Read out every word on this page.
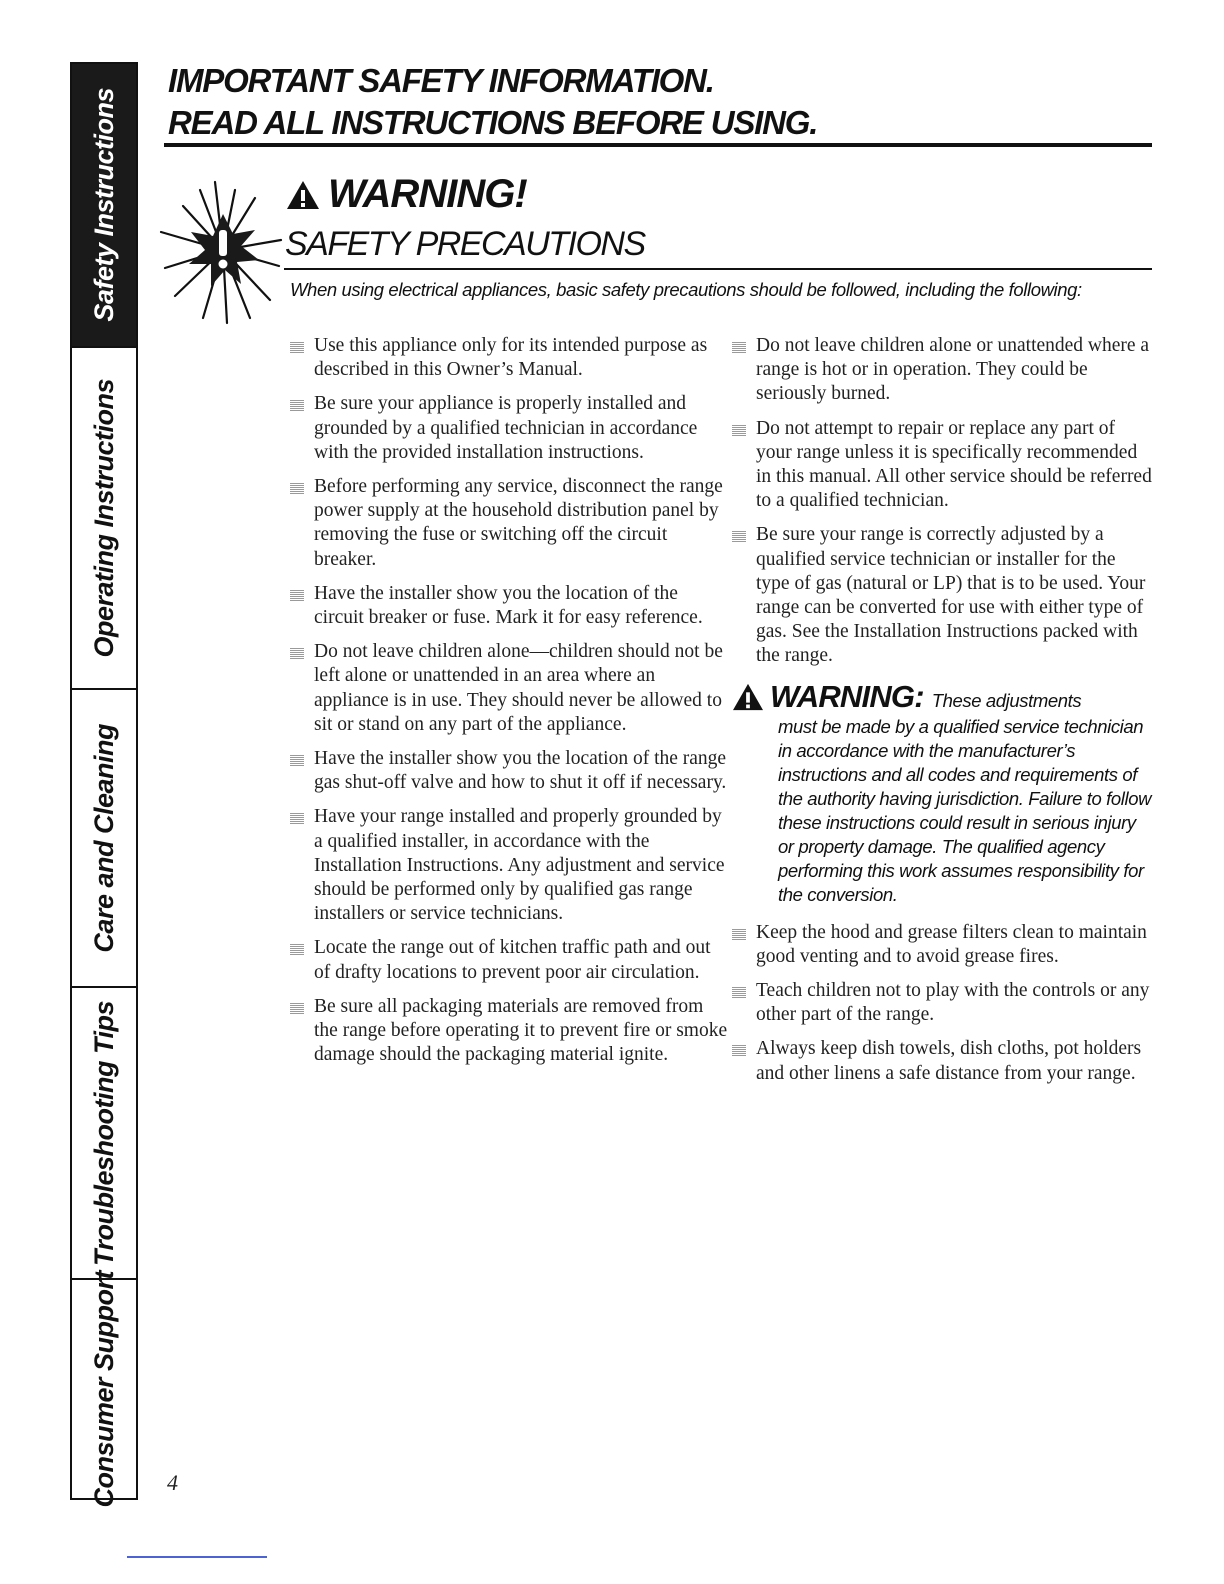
Safety Instructions
Operating Instructions
Care and Cleaning
Troubleshooting Tips
Consumer Support
IMPORTANT SAFETY INFORMATION.
READ ALL INSTRUCTIONS BEFORE USING.
WARNING!
SAFETY PRECAUTIONS
When using electrical appliances, basic safety precautions should be followed, including the following:
Use this appliance only for its intended purpose as described in this Owner’s Manual.
Be sure your appliance is properly installed and grounded by a qualified technician in accordance with the provided installation instructions.
Before performing any service, disconnect the range power supply at the household distribution panel by removing the fuse or switching off the circuit breaker.
Have the installer show you the location of the circuit breaker or fuse. Mark it for easy reference.
Do not leave children alone—children should not be left alone or unattended in an area where an appliance is in use. They should never be allowed to sit or stand on any part of the appliance.
Have the installer show you the location of the range gas shut-off valve and how to shut it off if necessary.
Have your range installed and properly grounded by a qualified installer, in accordance with the Installation Instructions. Any adjustment and service should be performed only by qualified gas range installers or service technicians.
Locate the range out of kitchen traffic path and out of drafty locations to prevent poor air circulation.
Be sure all packaging materials are removed from the range before operating it to prevent fire or smoke damage should the packaging material ignite.
Do not leave children alone or unattended where a range is hot or in operation. They could be seriously burned.
Do not attempt to repair or replace any part of your range unless it is specifically recommended in this manual. All other service should be referred to a qualified technician.
Be sure your range is correctly adjusted by a qualified service technician or installer for the type of gas (natural or LP) that is to be used. Your range can be converted for use with either type of gas. See the Installation Instructions packed with the range.
WARNING: These adjustments
must be made by a qualified service technician in accordance with the manufacturer’s instructions and all codes and requirements of the authority having jurisdiction. Failure to follow these instructions could result in serious injury or property damage. The qualified agency performing this work assumes responsibility for the conversion.
Keep the hood and grease filters clean to maintain good venting and to avoid grease fires.
Teach children not to play with the controls or any other part of the range.
Always keep dish towels, dish cloths, pot holders and other linens a safe distance from your range.
4
